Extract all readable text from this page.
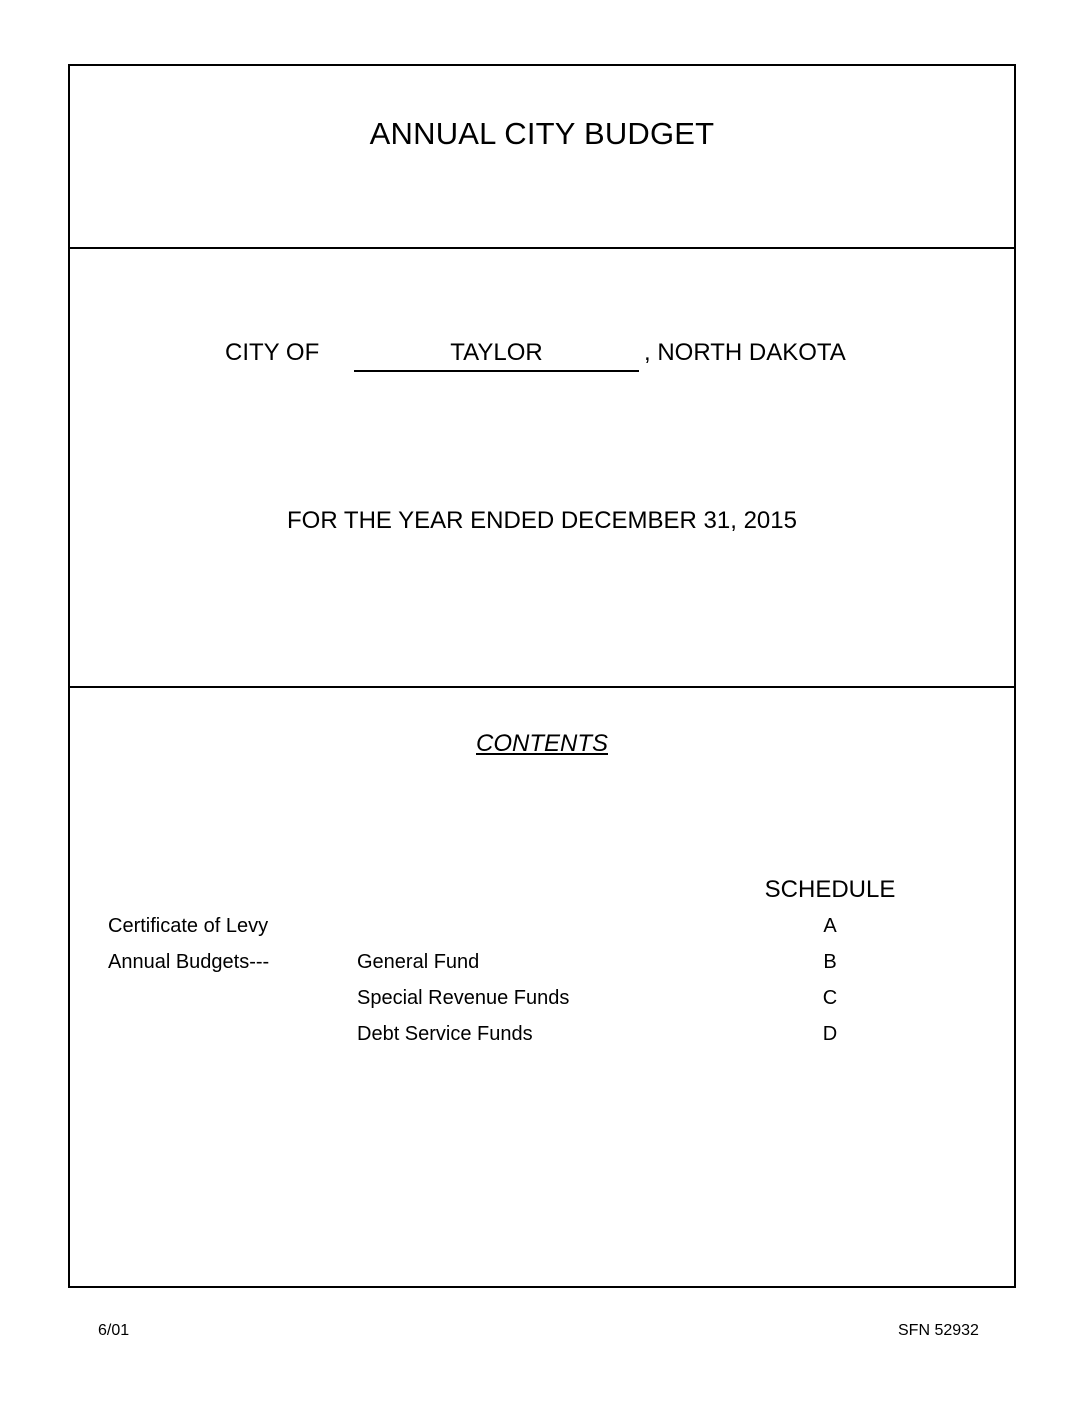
ANNUAL CITY BUDGET
CITY OF	TAYLOR	, NORTH DAKOTA
FOR THE YEAR ENDED DECEMBER 31, 2015
CONTENTS
SCHEDULE
Certificate of Levy	A
Annual Budgets---	General Fund	B
Special Revenue Funds	C
Debt Service Funds	D
6/01	SFN 52932
